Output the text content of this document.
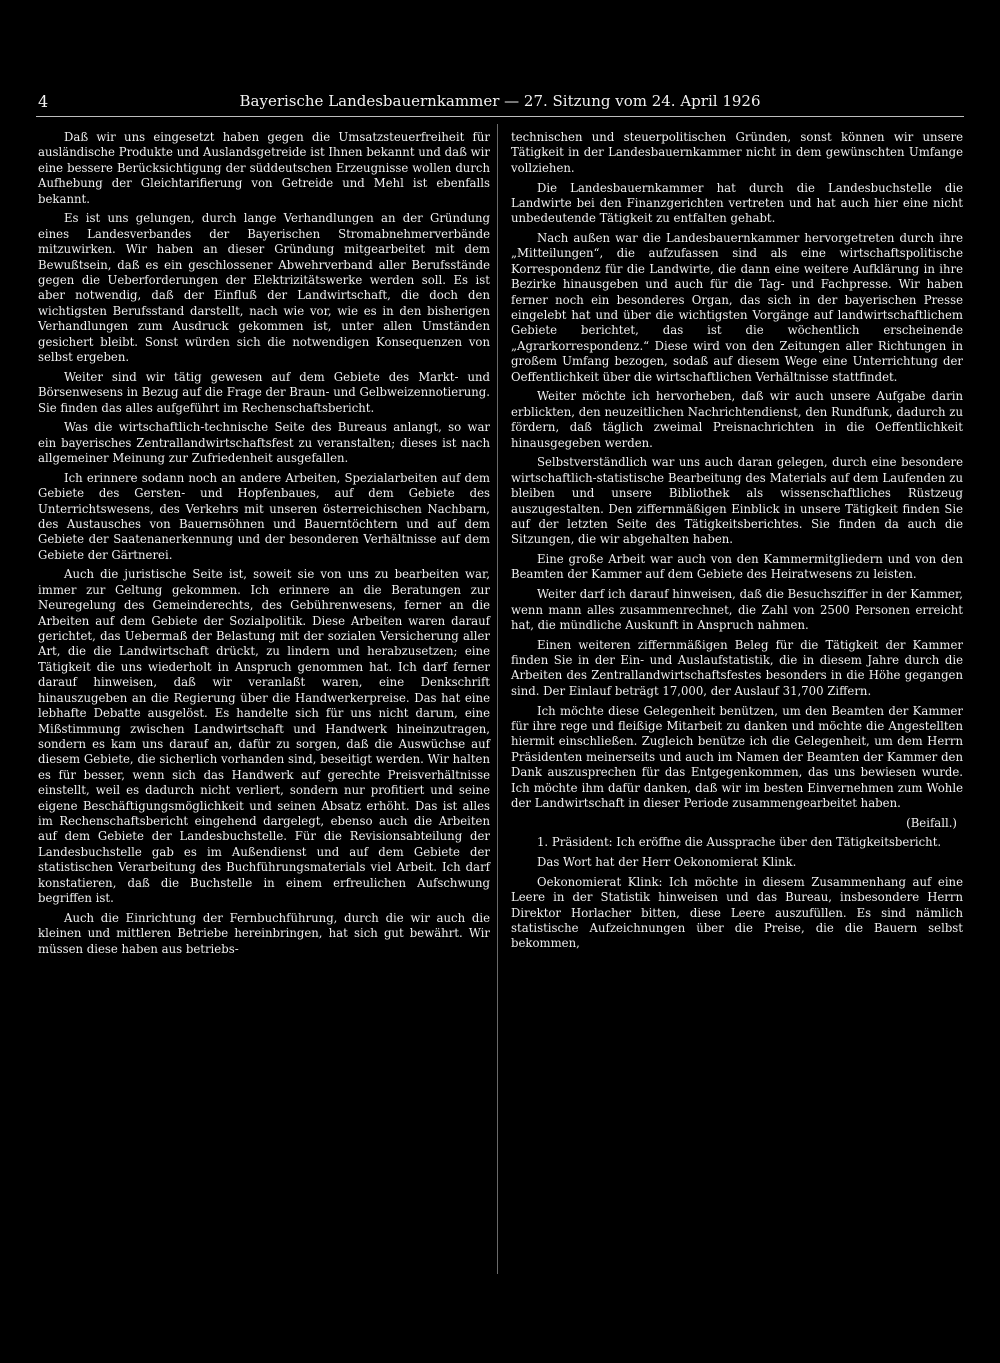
4	Bayerische Landesbauernkammer — 27. Sitzung vom 24. April 1926

Daß wir uns eingesetzt haben gegen die Umsatzsteuerfreiheit für ausländische Produkte und Auslandsgetreide ist Ihnen bekannt und daß wir eine bessere Berücksichtigung der süddeutschen Erzeugnisse wollen durch Aufhebung der Gleichtarifierung von Getreide und Mehl ist ebenfalls bekannt.

Es ist uns gelungen, durch lange Verhandlungen an der Gründung eines Landesverbandes der Bayerischen Stromabnehmerverbände mitzuwirken. Wir haben an dieser Gründung mitgearbeitet mit dem Bewußtsein, daß es ein geschlossener Abwehrverband aller Berufsstände gegen die Ueberforderungen der Elektrizitätswerke werden soll. Es ist aber notwendig, daß der Einfluß der Landwirtschaft, die doch den wichtigsten Berufsstand darstellt, nach wie vor, wie es in den bisherigen Verhandlungen zum Ausdruck gekommen ist, unter allen Umständen gesichert bleibt. Sonst würden sich die notwendigen Konsequenzen von selbst ergeben.

Weiter sind wir tätig gewesen auf dem Gebiete des Markt- und Börsenwesens in Bezug auf die Frage der Braun- und Gelbweizennotierung. Sie finden das alles aufgeführt im Rechenschaftsbericht.

Was die wirtschaftlich-technische Seite des Bureaus anlangt, so war ein bayerisches Zentrallandwirtschaftsfest zu veranstalten; dieses ist nach allgemeiner Meinung zur Zufriedenheit ausgefallen.

Ich erinnere sodann noch an andere Arbeiten, Spezialarbeiten auf dem Gebiete des Gersten- und Hopfenbaues, auf dem Gebiete des Unterrichtswesens, des Verkehrs mit unseren österreichischen Nachbarn, des Austausches von Bauernsöhnen und Bauerntöchtern und auf dem Gebiete der Saatenanerkennung und der besonderen Verhältnisse auf dem Gebiete der Gärtnerei.

Auch die juristische Seite ist, soweit sie von uns zu bearbeiten war, immer zur Geltung gekommen. Ich erinnere an die Beratungen zur Neuregelung des Gemeinderechts, des Gebührenwesens, ferner an die Arbeiten auf dem Gebiete der Sozialpolitik. Diese Arbeiten waren darauf gerichtet, das Uebermaß der Belastung mit der sozialen Versicherung aller Art, die die Landwirtschaft drückt, zu lindern und herabzusetzen; eine Tätigkeit die uns wiederholt in Anspruch genommen hat. Ich darf ferner darauf hinweisen, daß wir veranlaßt waren, eine Denkschrift hinauszugeben an die Regierung über die Handwerkerpreise. Das hat eine lebhafte Debatte ausgelöst. Es handelte sich für uns nicht darum, eine Mißstimmung zwischen Landwirtschaft und Handwerk hineinzutragen, sondern es kam uns darauf an, dafür zu sorgen, daß die Auswüchse auf diesem Gebiete, die sicherlich vorhanden sind, beseitigt werden. Wir halten es für besser, wenn sich das Handwerk auf gerechte Preisverhältnisse einstellt, weil es dadurch nicht verliert, sondern nur profitiert und seine eigene Beschäftigungsmöglichkeit und seinen Absatz erhöht. Das ist alles im Rechenschaftsbericht eingehend dargelegt, ebenso auch die Arbeiten auf dem Gebiete der Landesbuchstelle. Für die Revisionsabteilung der Landesbuchstelle gab es im Außendienst und auf dem Gebiete der statistischen Verarbeitung des Buchführungsmaterials viel Arbeit. Ich darf konstatieren, daß die Buchstelle in einem erfreulichen Aufschwung begriffen ist.

Auch die Einrichtung der Fernbuchführung, durch die wir auch die kleinen und mittleren Betriebe hereinbringen, hat sich gut bewährt. Wir müssen diese haben aus betriebs-

technischen und steuerpolitischen Gründen, sonst können wir unsere Tätigkeit in der Landesbauernkammer nicht in dem gewünschten Umfange vollziehen.

Die Landesbauernkammer hat durch die Landesbuchstelle die Landwirte bei den Finanzgerichten vertreten und hat auch hier eine nicht unbedeutende Tätigkeit zu entfalten gehabt.

Nach außen war die Landesbauernkammer hervorgetreten durch ihre „Mitteilungen“, die aufzufassen sind als eine wirtschaftspolitische Korrespondenz für die Landwirte, die dann eine weitere Aufklärung in ihre Bezirke hinausgeben und auch für die Tag- und Fachpresse. Wir haben ferner noch ein besonderes Organ, das sich in der bayerischen Presse eingelebt hat und über die wichtigsten Vorgänge auf landwirtschaftlichem Gebiete berichtet, das ist die wöchentlich erscheinende „Agrarkorrespondenz.“ Diese wird von den Zeitungen aller Richtungen in großem Umfang bezogen, sodaß auf diesem Wege eine Unterrichtung der Oeffentlichkeit über die wirtschaftlichen Verhältnisse stattfindet.

Weiter möchte ich hervorheben, daß wir auch unsere Aufgabe darin erblickten, den neuzeitlichen Nachrichtendienst, den Rundfunk, dadurch zu fördern, daß täglich zweimal Preisnachrichten in die Oeffentlichkeit hinausgegeben werden.

Selbstverständlich war uns auch daran gelegen, durch eine besondere wirtschaftlich-statistische Bearbeitung des Materials auf dem Laufenden zu bleiben und unsere Bibliothek als wissenschaftliches Rüstzeug auszugestalten. Den ziffernmäßigen Einblick in unsere Tätigkeit finden Sie auf der letzten Seite des Tätigkeitsberichtes. Sie finden da auch die Sitzungen, die wir abgehalten haben.

Eine große Arbeit war auch von den Kammermitgliedern und von den Beamten der Kammer auf dem Gebiete des Heiratwesens zu leisten.

Weiter darf ich darauf hinweisen, daß die Besuchsziffer in der Kammer, wenn mann alles zusammenrechnet, die Zahl von 2500 Personen erreicht hat, die mündliche Auskunft in Anspruch nahmen.

Einen weiteren ziffernmäßigen Beleg für die Tätigkeit der Kammer finden Sie in der Ein- und Auslaufstatistik, die in diesem Jahre durch die Arbeiten des Zentrallandwirtschaftsfestes besonders in die Höhe gegangen sind. Der Einlauf beträgt 17,000, der Auslauf 31,700 Ziffern.

Ich möchte diese Gelegenheit benützen, um den Beamten der Kammer für ihre rege und fleißige Mitarbeit zu danken und möchte die Angestellten hiermit einschließen. Zugleich benütze ich die Gelegenheit, um dem Herrn Präsidenten meinerseits und auch im Namen der Beamten der Kammer den Dank auszusprechen für das Entgegenkommen, das uns bewiesen wurde. Ich möchte ihm dafür danken, daß wir im besten Einvernehmen zum Wohle der Landwirtschaft in dieser Periode zusammengearbeitet haben.

(Beifall.)

1. Präsident: Ich eröffne die Aussprache über den Tätigkeitsbericht.

Das Wort hat der Herr Oekonomierat Klink.

Oekonomierat Klink: Ich möchte in diesem Zusammenhang auf eine Leere in der Statistik hinweisen und das Bureau, insbesondere Herrn Direktor Horlacher bitten, diese Leere auszufüllen. Es sind nämlich statistische Aufzeichnungen über die Preise, die die Bauern selbst bekommen,
